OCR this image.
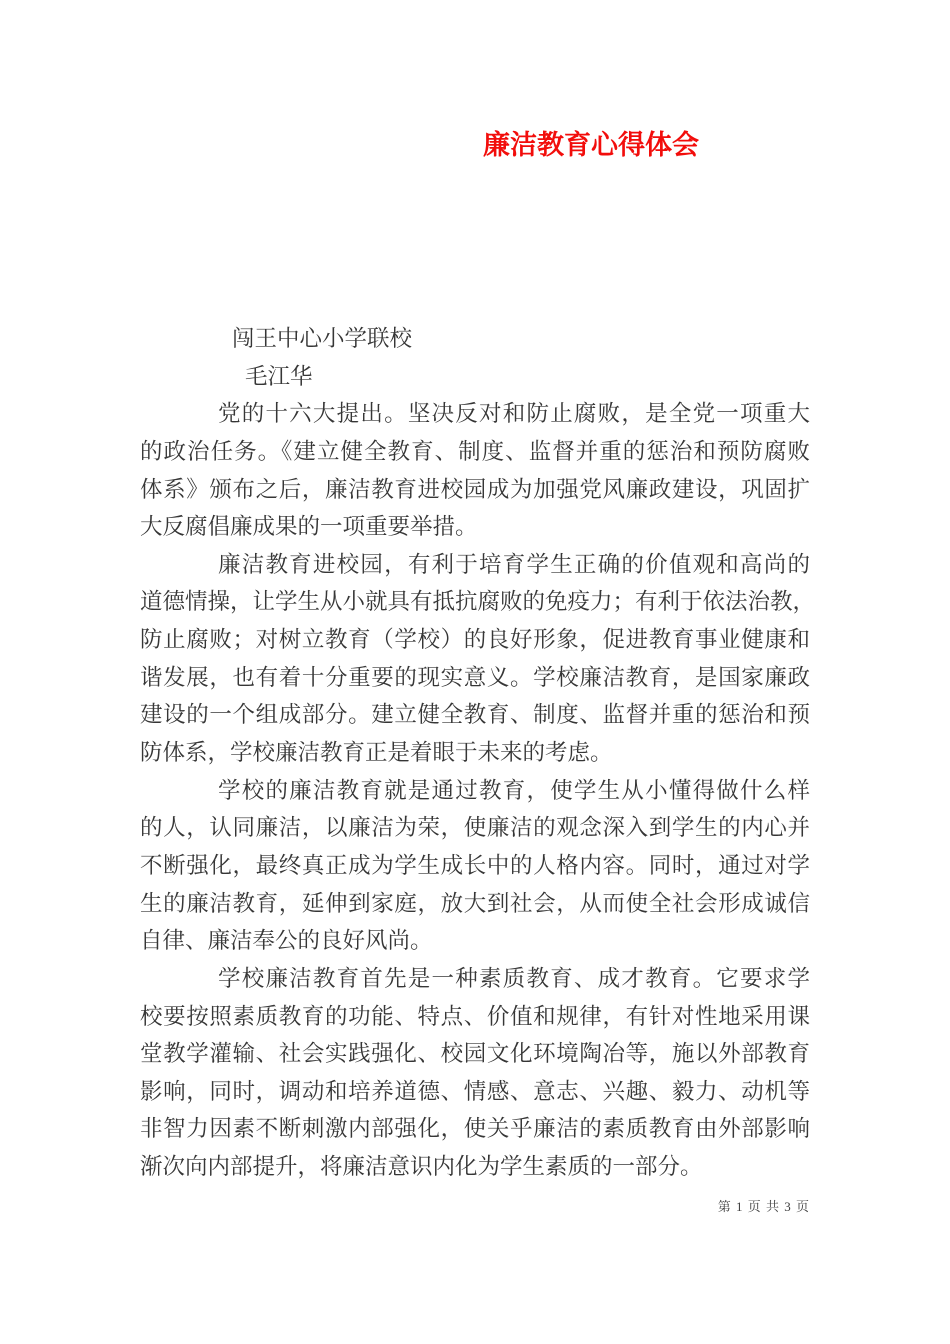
廉洁教育心得体会
闯王中心小学联校
毛江华
党的十六大提出。坚决反对和防止腐败，是全党一项重大
的政治任务。《建立健全教育、制度、监督并重的惩治和预防腐败
体系》颁布之后，廉洁教育进校园成为加强党风廉政建设，巩固扩
大反腐倡廉成果的一项重要举措。
廉洁教育进校园，有利于培育学生正确的价值观和高尚的
道德情操，让学生从小就具有抵抗腐败的免疫力；有利于依法治教，
防止腐败；对树立教育（学校）的良好形象，促进教育事业健康和
谐发展，也有着十分重要的现实意义。学校廉洁教育，是国家廉政
建设的一个组成部分。建立健全教育、制度、监督并重的惩治和预
防体系，学校廉洁教育正是着眼于未来的考虑。
学校的廉洁教育就是通过教育，使学生从小懂得做什么样
的人，认同廉洁，以廉洁为荣，使廉洁的观念深入到学生的内心并
不断强化，最终真正成为学生成长中的人格内容。同时，通过对学
生的廉洁教育，延伸到家庭，放大到社会，从而使全社会形成诚信
自律、廉洁奉公的良好风尚。
学校廉洁教育首先是一种素质教育、成才教育。它要求学
校要按照素质教育的功能、特点、价值和规律，有针对性地采用课
堂教学灌输、社会实践强化、校园文化环境陶冶等，施以外部教育
影响，同时，调动和培养道德、情感、意志、兴趣、毅力、动机等
非智力因素不断刺激内部强化，使关乎廉洁的素质教育由外部影响
渐次向内部提升，将廉洁意识内化为学生素质的一部分。
第 1 页 共 3 页
